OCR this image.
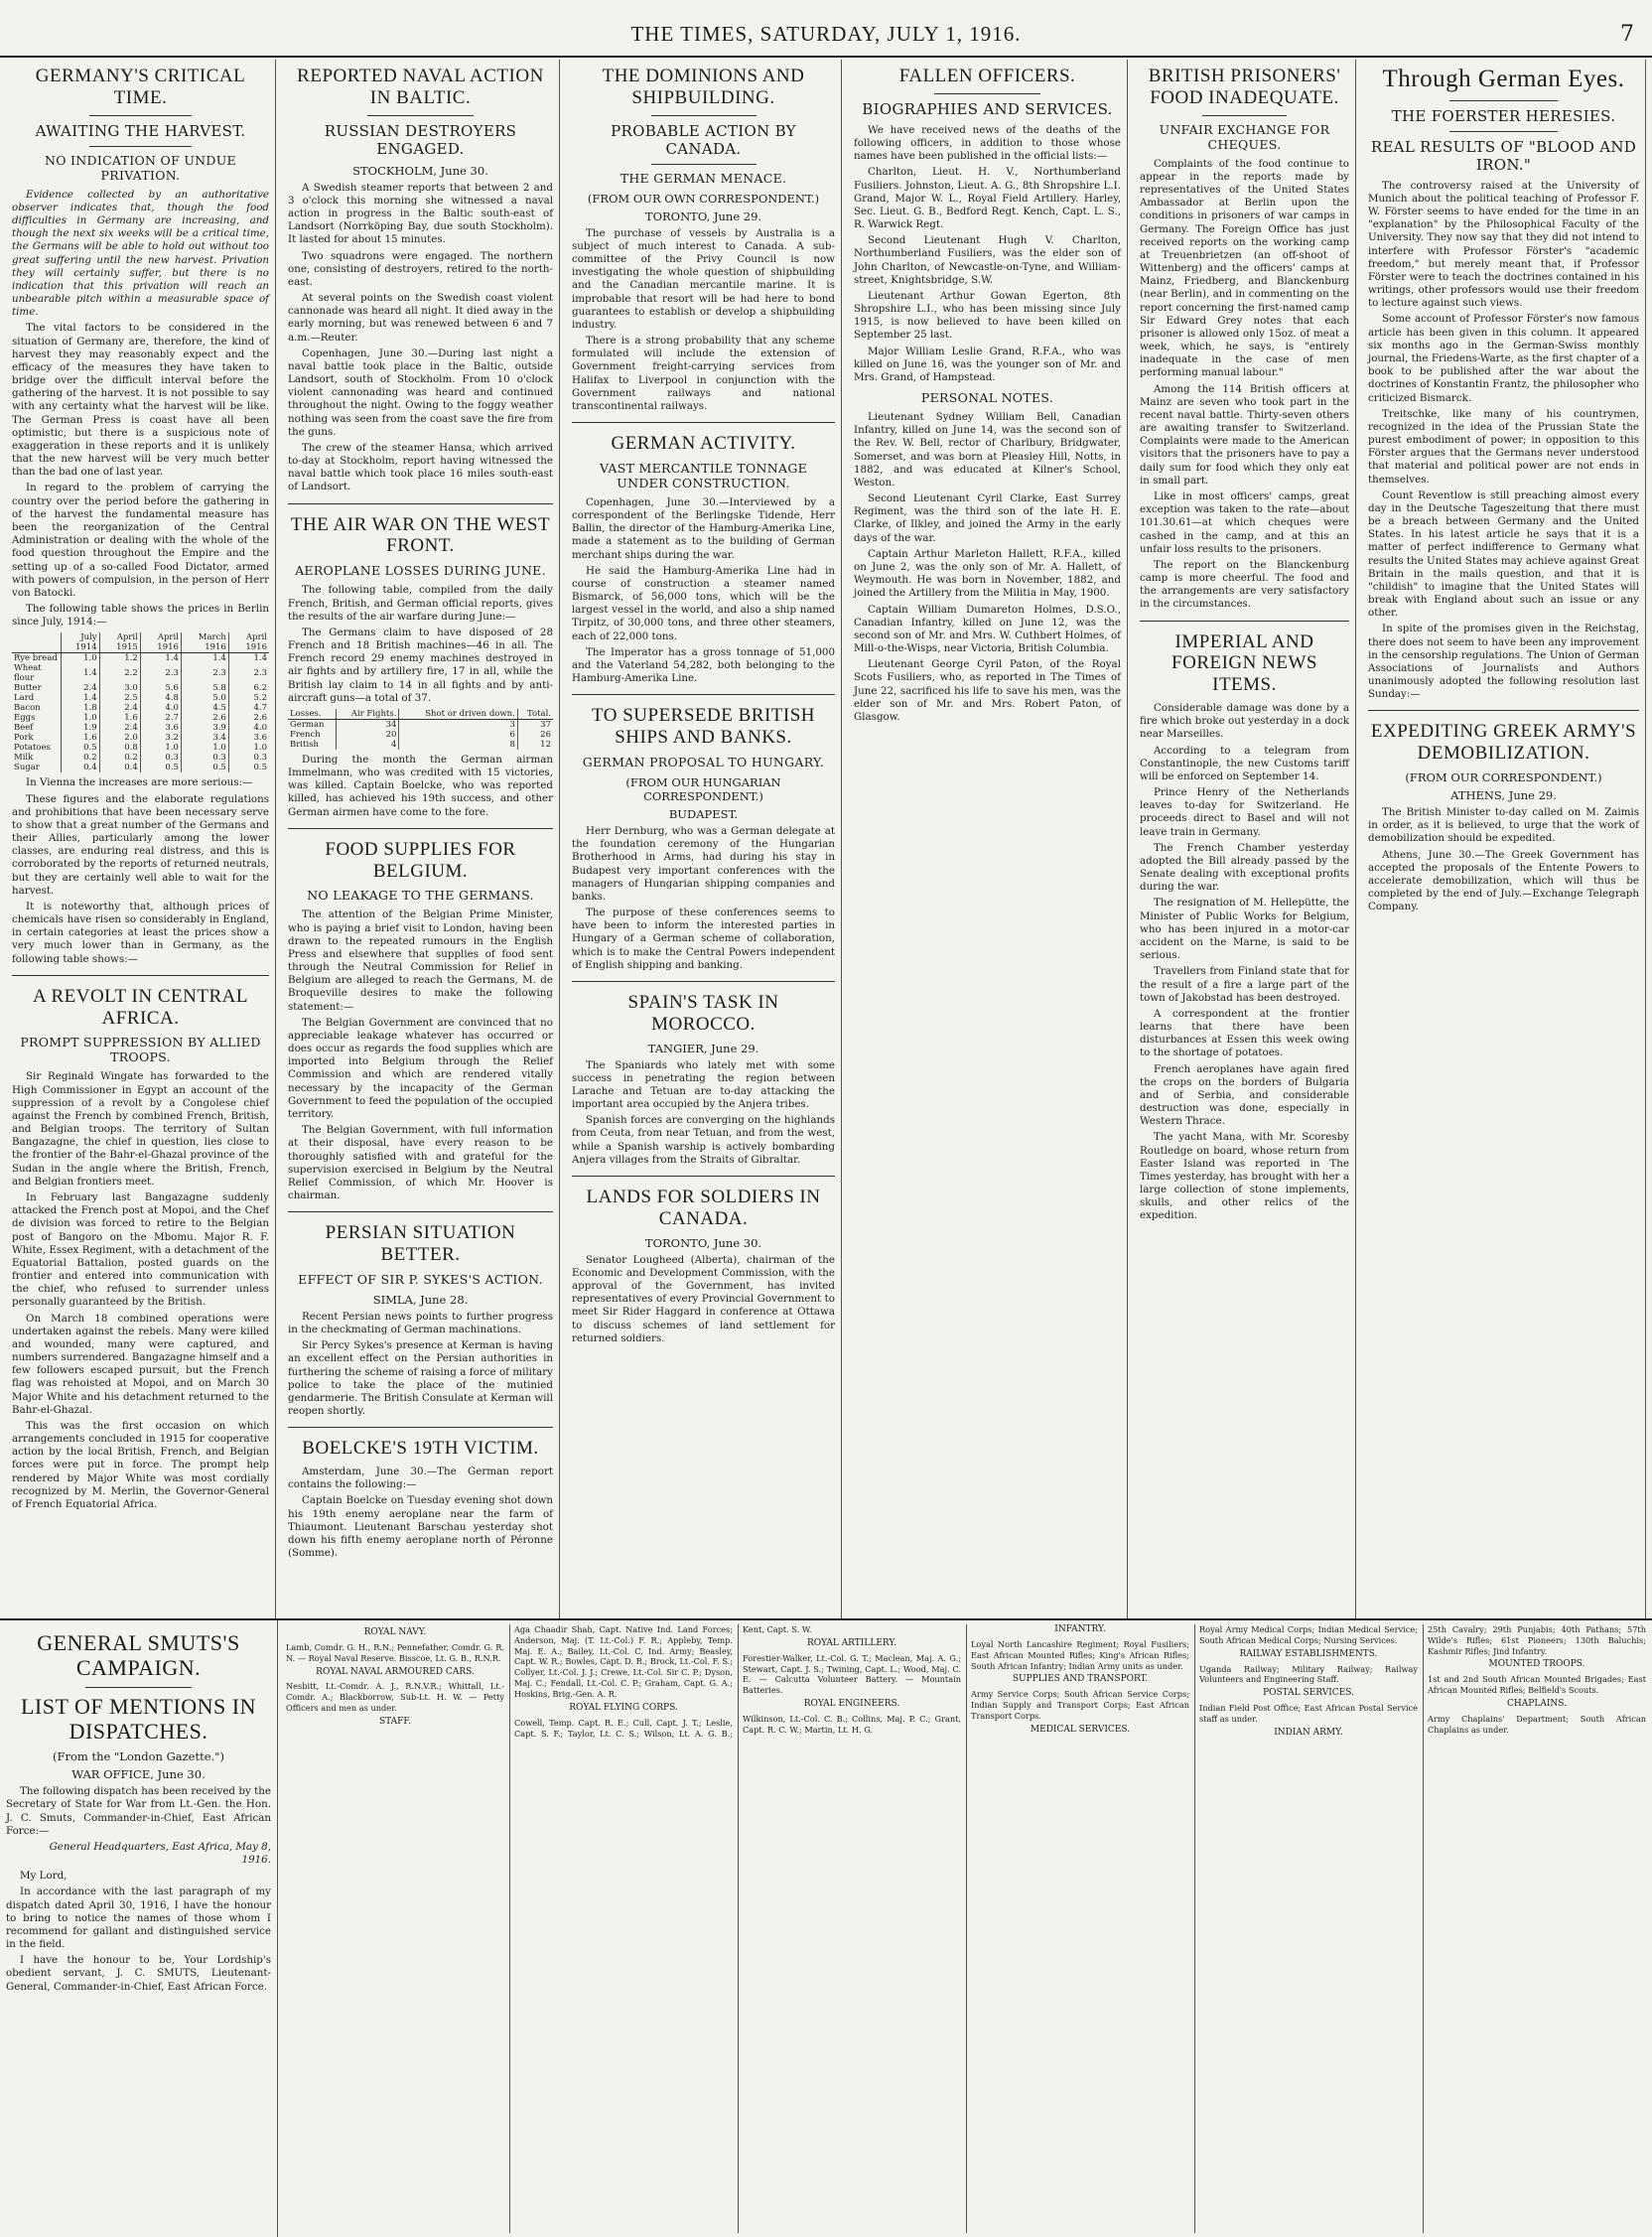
THE TIMES, SATURDAY, JULY 1, 1916.	7
GERMANY'S CRITICAL TIME.
AWAITING THE HARVEST.
NO INDICATION OF UNDUE PRIVATION.

Evidence collected by an authoritative observer indicates that, though the food difficulties in Germany are increasing, and though the next six weeks will be a critical time, the Germans will be able to hold out without too great suffering until the new harvest. Privation they will certainly suffer, but there is no indication that this privation will reach an unbearable pitch within a measurable space of time.

The vital factors to be considered in the situation of Germany are, therefore, the kind of harvest they may reasonably expect and the efficacy of the measures they have taken to bridge over the difficult interval before the gathering of the harvest. It is not possible to say with any certainty what the harvest will be like. The German Press is coast have all been optimistic, but there is a suspicious note of exaggeration in these reports and it is unlikely that the new harvest will be very much better than the bad one of last year.

In regard to the problem of carrying the country over the period before the gathering in of the harvest the fundamental measure has been the reorganization of the Central Administration or dealing with the whole of the food question throughout the Empire and the setting up of a so-called Food Dictator, armed with powers of compulsion, in the person of Herr von Batocki.

The following table shows the prices in Berlin since July, 1914:—

	July 1914	April 1915	April 1916	March 1916	April 1916
Rye bread	1.0	1.2	1.4	1.4	1.4
Wheat flour	1.4	2.2	2.3	2.3	2.3
Butter	2.4	3.0	5.6	5.8	6.2
Lard	1.4	2.5	4.8	5.0	5.2
Bacon	1.8	2.4	4.0	4.5	4.7
Eggs	1.0	1.6	2.7	2.6	2.6
Beef	1.9	2.4	3.6	3.9	4.0
Pork	1.6	2.0	3.2	3.4	3.6
Potatoes	0.5	0.8	1.0	1.0	1.0
Milk	0.2	0.2	0.3	0.3	0.3
Sugar	0.4	0.4	0.5	0.5	0.5

In Vienna the increases are more serious:—

These figures and the elaborate regulations and prohibitions that have been necessary serve to show that a great number of the Germans and their Allies, particularly among the lower classes, are enduring real distress, and this is corroborated by the reports of returned neutrals, but they are certainly well able to wait for the harvest.

It is noteworthy that, although prices of chemicals have risen so considerably in England, in certain categories at least the prices show a very much lower than in Germany, as the following table shows:—

A REVOLT IN CENTRAL AFRICA.
PROMPT SUPPRESSION BY ALLIED TROOPS.

Sir Reginald Wingate has forwarded to the High Commissioner in Egypt an account of the suppression of a revolt by a Congolese chief against the French by combined French, British, and Belgian troops. The territory of Sultan Bangazagne, the chief in question, lies close to the frontier of the Bahr-el-Ghazal province of the Sudan in the angle where the British, French, and Belgian frontiers meet.

In February last Bangazagne suddenly attacked the French post at Mopoi, and the Chef de division was forced to retire to the Belgian post of Bangoro on the Mbomu. Major R. F. White, Essex Regiment, with a detachment of the Equatorial Battalion, posted guards on the frontier and entered into communication with the chief, who refused to surrender unless personally guaranteed by the British.

On March 18 combined operations were undertaken against the rebels. Many were killed and wounded, many were captured, and numbers surrendered. Bangazagne himself and a few followers escaped pursuit, but the French flag was rehoisted at Mopoi, and on March 30 Major White and his detachment returned to the Bahr-el-Ghazal.

This was the first occasion on which arrangements concluded in 1915 for cooperative action by the local British, French, and Belgian forces were put in force. The prompt help rendered by Major White was most cordially recognized by M. Merlin, the Governor-General of French Equatorial Africa.

REPORTED NAVAL ACTION IN BALTIC.
RUSSIAN DESTROYERS ENGAGED.
STOCKHOLM, June 30.

A Swedish steamer reports that between 2 and 3 o'clock this morning she witnessed a naval action in progress in the Baltic south-east of Landsort (Norrköping Bay, due south Stockholm). It lasted for about 15 minutes.

Two squadrons were engaged. The northern one, consisting of destroyers, retired to the north-east.

At several points on the Swedish coast violent cannonade was heard all night. It died away in the early morning, but was renewed between 6 and 7 a.m.—Reuter.

Copenhagen, June 30.—During last night a naval battle took place in the Baltic, outside Landsort, south of Stockholm. From 10 o'clock violent cannonading was heard and continued throughout the night. Owing to the foggy weather nothing was seen from the coast save the fire from the guns.

The crew of the steamer Hansa, which arrived to-day at Stockholm, report having witnessed the naval battle which took place 16 miles south-east of Landsort.

THE AIR WAR ON THE WEST FRONT.
AEROPLANE LOSSES DURING JUNE.

The following table, compiled from the daily French, British, and German official reports, gives the results of the air warfare during June:—

The Germans claim to have disposed of 28 French and 18 British machines—46 in all. The French record 29 enemy machines destroyed in air fights and by artillery fire, 17 in all, while the British lay claim to 14 in all fights and by anti-aircraft guns—a total of 37.

Losses.	Air Fights.	Shot or driven down.	Total.
German	34	3	37
French	20	6	26
British	4	8	12

During the month the German airman Immelmann, who was credited with 15 victories, was killed. Captain Boelcke, who was reported killed, has achieved his 19th success, and other German airmen have come to the fore.

FOOD SUPPLIES FOR BELGIUM.
NO LEAKAGE TO THE GERMANS.

The attention of the Belgian Prime Minister, who is paying a brief visit to London, having been drawn to the repeated rumours in the English Press and elsewhere that supplies of food sent through the Neutral Commission for Relief in Belgium are alleged to reach the Germans, M. de Broqueville desires to make the following statement:—

The Belgian Government are convinced that no appreciable leakage whatever has occurred or does occur as regards the food supplies which are imported into Belgium through the Relief Commission and which are rendered vitally necessary by the incapacity of the German Government to feed the population of the occupied territory.

The Belgian Government, with full information at their disposal, have every reason to be thoroughly satisfied with and grateful for the supervision exercised in Belgium by the Neutral Relief Commission, of which Mr. Hoover is chairman.

PERSIAN SITUATION BETTER.
EFFECT OF SIR P. SYKES'S ACTION.
SIMLA, June 28.

Recent Persian news points to further progress in the checkmating of German machinations.

Sir Percy Sykes's presence at Kerman is having an excellent effect on the Persian authorities in furthering the scheme of raising a force of military police to take the place of the mutinied gendarmerie. The British Consulate at Kerman will reopen shortly.

BOELCKE'S 19TH VICTIM.

Amsterdam, June 30.—The German report contains the following:—

Captain Boelcke on Tuesday evening shot down his 19th enemy aeroplane near the farm of Thiaumont. Lieutenant Barschau yesterday shot down his fifth enemy aeroplane north of Péronne (Somme).

THE DOMINIONS AND SHIPBUILDING.
PROBABLE ACTION BY CANADA.
THE GERMAN MENACE.
(FROM OUR OWN CORRESPONDENT.)
TORONTO, June 29.

The purchase of vessels by Australia is a subject of much interest to Canada. A sub-committee of the Privy Council is now investigating the whole question of shipbuilding and the Canadian mercantile marine. It is improbable that resort will be had here to bond guarantees to establish or develop a shipbuilding industry.

There is a strong probability that any scheme formulated will include the extension of Government freight-carrying services from Halifax to Liverpool in conjunction with the Government railways and national transcontinental railways.

GERMAN ACTIVITY.
VAST MERCANTILE TONNAGE UNDER CONSTRUCTION.

Copenhagen, June 30.—Interviewed by a correspondent of the Berlingske Tidende, Herr Ballin, the director of the Hamburg-Amerika Line, made a statement as to the building of German merchant ships during the war.

He said the Hamburg-Amerika Line had in course of construction a steamer named Bismarck, of 56,000 tons, which will be the largest vessel in the world, and also a ship named Tirpitz, of 30,000 tons, and three other steamers, each of 22,000 tons.

The Imperator has a gross tonnage of 51,000 and the Vaterland 54,282, both belonging to the Hamburg-Amerika Line.

TO SUPERSEDE BRITISH SHIPS AND BANKS.
GERMAN PROPOSAL TO HUNGARY.
(FROM OUR HUNGARIAN CORRESPONDENT.)
BUDAPEST.

Herr Dernburg, who was a German delegate at the foundation ceremony of the Hungarian Brotherhood in Arms, had during his stay in Budapest very important conferences with the managers of Hungarian shipping companies and banks.

The purpose of these conferences seems to have been to inform the interested parties in Hungary of a German scheme of collaboration, which is to make the Central Powers independent of English shipping and banking.

SPAIN'S TASK IN MOROCCO.
TANGIER, June 29.

The Spaniards who lately met with some success in penetrating the region between Larache and Tetuan are to-day attacking the important area occupied by the Anjera tribes.

Spanish forces are converging on the highlands from Ceuta, from near Tetuan, and from the west, while a Spanish warship is actively bombarding Anjera villages from the Straits of Gibraltar.

LANDS FOR SOLDIERS IN CANADA.
TORONTO, June 30.

Senator Lougheed (Alberta), chairman of the Economic and Development Commission, with the approval of the Government, has invited representatives of every Provincial Government to meet Sir Rider Haggard in conference at Ottawa to discuss schemes of land settlement for returned soldiers.

FALLEN OFFICERS.
BIOGRAPHIES AND SERVICES.

We have received news of the deaths of the following officers, in addition to those whose names have been published in the official lists:—

Charlton, Lieut. H. V., Northumberland Fusiliers. Johnston, Lieut. A. G., 8th Shropshire L.I. Grand, Major W. L., Royal Field Artillery. Harley, Sec. Lieut. G. B., Bedford Regt. Kench, Capt. L. S., R. Warwick Regt.

Second Lieutenant Hugh V. Charlton, Northumberland Fusiliers, was the elder son of John Charlton, of Newcastle-on-Tyne, and William-street, Knightsbridge, S.W.

Lieutenant Arthur Gowan Egerton, 8th Shropshire L.I., who has been missing since July 1915, is now believed to have been killed on September 25 last.

Major William Leslie Grand, R.F.A., who was killed on June 16, was the younger son of Mr. and Mrs. Grand, of Hampstead.

PERSONAL NOTES.

Lieutenant Sydney William Bell, Canadian Infantry, killed on June 14, was the second son of the Rev. W. Bell, rector of Charlbury, Bridgwater, Somerset, and was born at Pleasley Hill, Notts, in 1882, and was educated at Kilner's School, Weston.

Second Lieutenant Cyril Clarke, East Surrey Regiment, was the third son of the late H. E. Clarke, of Ilkley, and joined the Army in the early days of the war.

Captain Arthur Marleton Hallett, R.F.A., killed on June 2, was the only son of Mr. A. Hallett, of Weymouth. He was born in November, 1882, and joined the Artillery from the Militia in May, 1900.

Captain William Dumareton Holmes, D.S.O., Canadian Infantry, killed on June 12, was the second son of Mr. and Mrs. W. Cuthbert Holmes, of Mill-o-the-Wisps, near Victoria, British Columbia.

Lieutenant George Cyril Paton, of the Royal Scots Fusiliers, who, as reported in The Times of June 22, sacrificed his life to save his men, was the elder son of Mr. and Mrs. Robert Paton, of Glasgow.

BRITISH PRISONERS' FOOD INADEQUATE.
UNFAIR EXCHANGE FOR CHEQUES.

Complaints of the food continue to appear in the reports made by representatives of the United States Ambassador at Berlin upon the conditions in prisoners of war camps in Germany. The Foreign Office has just received reports on the working camp at Treuenbrietzen (an off-shoot of Wittenberg) and the officers' camps at Mainz, Friedberg, and Blanckenburg (near Berlin), and in commenting on the report concerning the first-named camp Sir Edward Grey notes that each prisoner is allowed only 15oz. of meat a week, which, he says, is "entirely inadequate in the case of men performing manual labour."

Among the 114 British officers at Mainz are seven who took part in the recent naval battle. Thirty-seven others are awaiting transfer to Switzerland. Complaints were made to the American visitors that the prisoners have to pay a daily sum for food which they only eat in small part.

Like in most officers' camps, great exception was taken to the rate—about 101.30.61—at which cheques were cashed in the camp, and at this an unfair loss results to the prisoners.

The report on the Blanckenburg camp is more cheerful. The food and the arrangements are very satisfactory in the circumstances.

IMPERIAL AND FOREIGN NEWS ITEMS.

Considerable damage was done by a fire which broke out yesterday in a dock near Marseilles.

According to a telegram from Constantinople, the new Customs tariff will be enforced on September 14.

Prince Henry of the Netherlands leaves to-day for Switzerland. He proceeds direct to Basel and will not leave train in Germany.

The French Chamber yesterday adopted the Bill already passed by the Senate dealing with exceptional profits during the war.

The resignation of M. Hellepütte, the Minister of Public Works for Belgium, who has been injured in a motor-car accident on the Marne, is said to be serious.

Travellers from Finland state that for the result of a fire a large part of the town of Jakobstad has been destroyed.

A correspondent at the frontier learns that there have been disturbances at Essen this week owing to the shortage of potatoes.

French aeroplanes have again fired the crops on the borders of Bulgaria and of Serbia, and considerable destruction was done, especially in Western Thrace.

The yacht Mana, with Mr. Scoresby Routledge on board, whose return from Easter Island was reported in The Times yesterday, has brought with her a large collection of stone implements, skulls, and other relics of the expedition.

Through German Eyes.
THE FOERSTER HERESIES.
REAL RESULTS OF "BLOOD AND IRON."

The controversy raised at the University of Munich about the political teaching of Professor F. W. Förster seems to have ended for the time in an "explanation" by the Philosophical Faculty of the University. They now say that they did not intend to interfere with Professor Förster's "academic freedom," but merely meant that, if Professor Förster were to teach the doctrines contained in his writings, other professors would use their freedom to lecture against such views.

Some account of Professor Förster's now famous article has been given in this column. It appeared six months ago in the German-Swiss monthly journal, the Friedens-Warte, as the first chapter of a book to be published after the war about the doctrines of Konstantin Frantz, the philosopher who criticized Bismarck.

Treitschke, like many of his countrymen, recognized in the idea of the Prussian State the purest embodiment of power; in opposition to this Förster argues that the Germans never understood that material and political power are not ends in themselves.

Count Reventlow is still preaching almost every day in the Deutsche Tageszeitung that there must be a breach between Germany and the United States. In his latest article he says that it is a matter of perfect indifference to Germany what results the United States may achieve against Great Britain in the mails question, and that it is "childish" to imagine that the United States will break with England about such an issue or any other.

In spite of the promises given in the Reichstag, there does not seem to have been any improvement in the censorship regulations. The Union of German Associations of Journalists and Authors unanimously adopted the following resolution last Sunday:—

EXPEDITING GREEK ARMY'S DEMOBILIZATION.
(FROM OUR CORRESPONDENT.)
ATHENS, June 29.

The British Minister to-day called on M. Zaimis in order, as it is believed, to urge that the work of demobilization should be expedited.

Athens, June 30.—The Greek Government has accepted the proposals of the Entente Powers to accelerate demobilization, which will thus be completed by the end of July.—Exchange Telegraph Company.

GENERAL SMUTS'S CAMPAIGN.
LIST OF MENTIONS IN DISPATCHES.
(From the "London Gazette.")
WAR OFFICE, June 30.

The following dispatch has been received by the Secretary of State for War from Lt.-Gen. the Hon. J. C. Smuts, Commander-in-Chief, East African Force:—

General Headquarters, East Africa, May 8, 1916.

My Lord,

In accordance with the last paragraph of my dispatch dated April 30, 1916, I have the honour to bring to notice the names of those whom I recommend for gallant and distinguished service in the field.

I have the honour to be, Your Lordship's obedient servant, J. C. SMUTS, Lieutenant-General, Commander-in-Chief, East African Force.

ROYAL NAVY.
Lamb, Comdr. G. H., R.N.; Pennefather, Comdr. G. R. N. — Royal Naval Reserve. Bisscoe, Lt. G. B., R.N.R.
ROYAL NAVAL ARMOURED CARS.
Nesbitt, Lt.-Comdr. A. J., R.N.V.R.; Whittall, Lt.-Comdr. A.; Blackborrow, Sub-Lt. H. W. — Petty Officers and men as under.
STAFF.
Aga Chaadir Shah, Capt. Native Ind. Land Forces; Anderson, Maj. (T. Lt.-Col.) F. R.; Appleby, Temp. Maj. E. A.; Bailey, Lt.-Col. C. Ind. Army; Beasley, Capt. W. R.; Bowles, Capt. D. R.; Brock, Lt.-Col. F. S.; Collyer, Lt.-Col. J. J.; Crewe, Lt.-Col. Sir C. P.; Dyson, Maj. C.; Fendall, Lt.-Col. C. P.; Graham, Capt. G. A.; Hoskins, Brig.-Gen. A. R.
ROYAL FLYING CORPS.
Cowell, Temp. Capt. R. E.; Cull, Capt. J. T.; Leslie, Capt. S. F.; Taylor, Lt. C. S.; Wilson, Lt. A. G. B.; Kent, Capt. S. W.
ROYAL ARTILLERY.
Forestier-Walker, Lt.-Col. G. T.; Maclean, Maj. A. G.; Stewart, Capt. J. S.; Twining, Capt. L.; Wood, Maj. C. E. — Calcutta Volunteer Battery. — Mountain Batteries.
ROYAL ENGINEERS.
Wilkinson, Lt.-Col. C. B.; Collins, Maj. P. C.; Grant, Capt. R. C. W.; Martin, Lt. H. G.
INFANTRY.
Loyal North Lancashire Regiment; Royal Fusiliers; East African Mounted Rifles; King's African Rifles; South African Infantry; Indian Army units as under.
SUPPLIES AND TRANSPORT.
Army Service Corps; South African Service Corps; Indian Supply and Transport Corps; East African Transport Corps.
MEDICAL SERVICES.
Royal Army Medical Corps; Indian Medical Service; South African Medical Corps; Nursing Services.
RAILWAY ESTABLISHMENTS.
Uganda Railway; Military Railway; Railway Volunteers and Engineering Staff.
POSTAL SERVICES.
Indian Field Post Office; East African Postal Service staff as under.
INDIAN ARMY.
25th Cavalry; 29th Punjabis; 40th Pathans; 57th Wilde's Rifles; 61st Pioneers; 130th Baluchis; Kashmir Rifles; Jind Infantry.
MOUNTED TROOPS.
1st and 2nd South African Mounted Brigades; East African Mounted Rifles; Belfield's Scouts.
CHAPLAINS.
Army Chaplains' Department; South African Chaplains as under.
